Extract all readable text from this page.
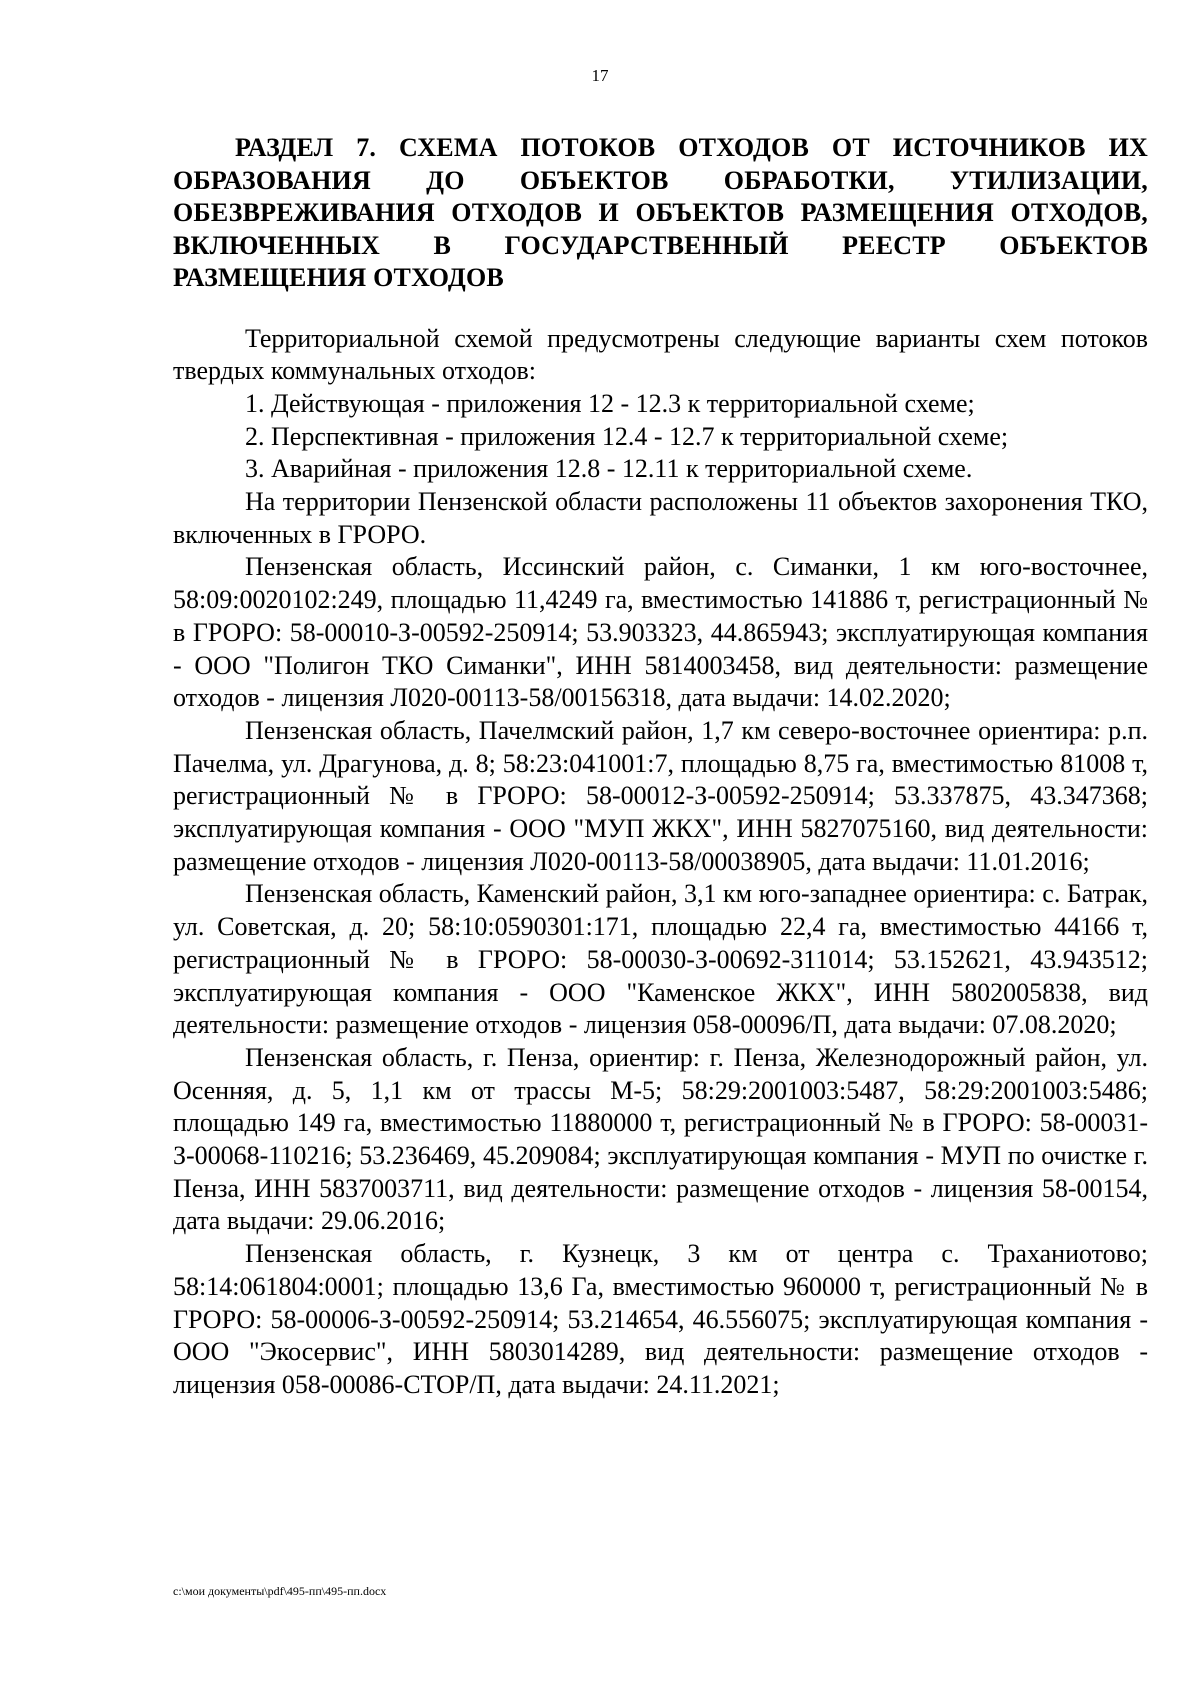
17
РАЗДЕЛ 7. СХЕМА ПОТОКОВ ОТХОДОВ ОТ ИСТОЧНИКОВ ИХ ОБРАЗОВАНИЯ ДО ОБЪЕКТОВ ОБРАБОТКИ, УТИЛИЗАЦИИ, ОБЕЗВРЕЖИВАНИЯ ОТХОДОВ И ОБЪЕКТОВ РАЗМЕЩЕНИЯ ОТХОДОВ, ВКЛЮЧЕННЫХ В ГОСУДАРСТВЕННЫЙ РЕЕСТР ОБЪЕКТОВ РАЗМЕЩЕНИЯ ОТХОДОВ

Территориальной схемой предусмотрены следующие варианты схем потоков твердых коммунальных отходов:

1. Действующая - приложения 12 - 12.3 к территориальной схеме;

2. Перспективная - приложения 12.4 - 12.7 к территориальной схеме;

3. Аварийная - приложения 12.8 - 12.11 к территориальной схеме.

На территории Пензенской области расположены 11 объектов захоронения ТКО, включенных в ГРОРО.

Пензенская область, Иссинский район, с. Симанки, 1 км юго-восточнее, 58:09:0020102:249, площадью 11,4249 га, вместимостью 141886 т, регистрационный № в ГРОРО: 58-00010-З-00592-250914; 53.903323, 44.865943; эксплуатирующая компания - ООО "Полигон ТКО Симанки", ИНН 5814003458, вид деятельности: размещение отходов - лицензия Л020-00113-58/00156318, дата выдачи: 14.02.2020;

Пензенская область, Пачелмский район, 1,7 км северо-восточнее ориентира: р.п. Пачелма, ул. Драгунова, д. 8; 58:23:041001:7, площадью 8,75 га, вместимостью 81008 т, регистрационный № в ГРОРО: 58-00012-З-00592-250914; 53.337875, 43.347368; эксплуатирующая компания - ООО "МУП ЖКХ", ИНН 5827075160, вид деятельности: размещение отходов - лицензия Л020-00113-58/00038905, дата выдачи: 11.01.2016;

Пензенская область, Каменский район, 3,1 км юго-западнее ориентира: с. Батрак, ул. Советская, д. 20; 58:10:0590301:171, площадью 22,4 га, вместимостью 44166 т, регистрационный № в ГРОРО: 58-00030-З-00692-311014; 53.152621, 43.943512; эксплуатирующая компания - ООО "Каменское ЖКХ", ИНН 5802005838, вид деятельности: размещение отходов - лицензия 058-00096/П, дата выдачи: 07.08.2020;

Пензенская область, г. Пенза, ориентир: г. Пенза, Железнодорожный район, ул. Осенняя, д. 5, 1,1 км от трассы М-5; 58:29:2001003:5487, 58:29:2001003:5486; площадью 149 га, вместимостью 11880000 т, регистрационный № в ГРОРО: 58-00031-З-00068-110216; 53.236469, 45.209084; эксплуатирующая компания - МУП по очистке г. Пенза, ИНН 5837003711, вид деятельности: размещение отходов - лицензия 58-00154, дата выдачи: 29.06.2016;

Пензенская область, г. Кузнецк, 3 км от центра с. Траханиотово; 58:14:061804:0001; площадью 13,6 Га, вместимостью 960000 т, регистрационный № в ГРОРО: 58-00006-З-00592-250914; 53.214654, 46.556075; эксплуатирующая компания - ООО "Экосервис", ИНН 5803014289, вид деятельности: размещение отходов - лицензия 058-00086-СТОР/П, дата выдачи: 24.11.2021;

c:\мои документы\pdf\495-пп\495-пп.docx
